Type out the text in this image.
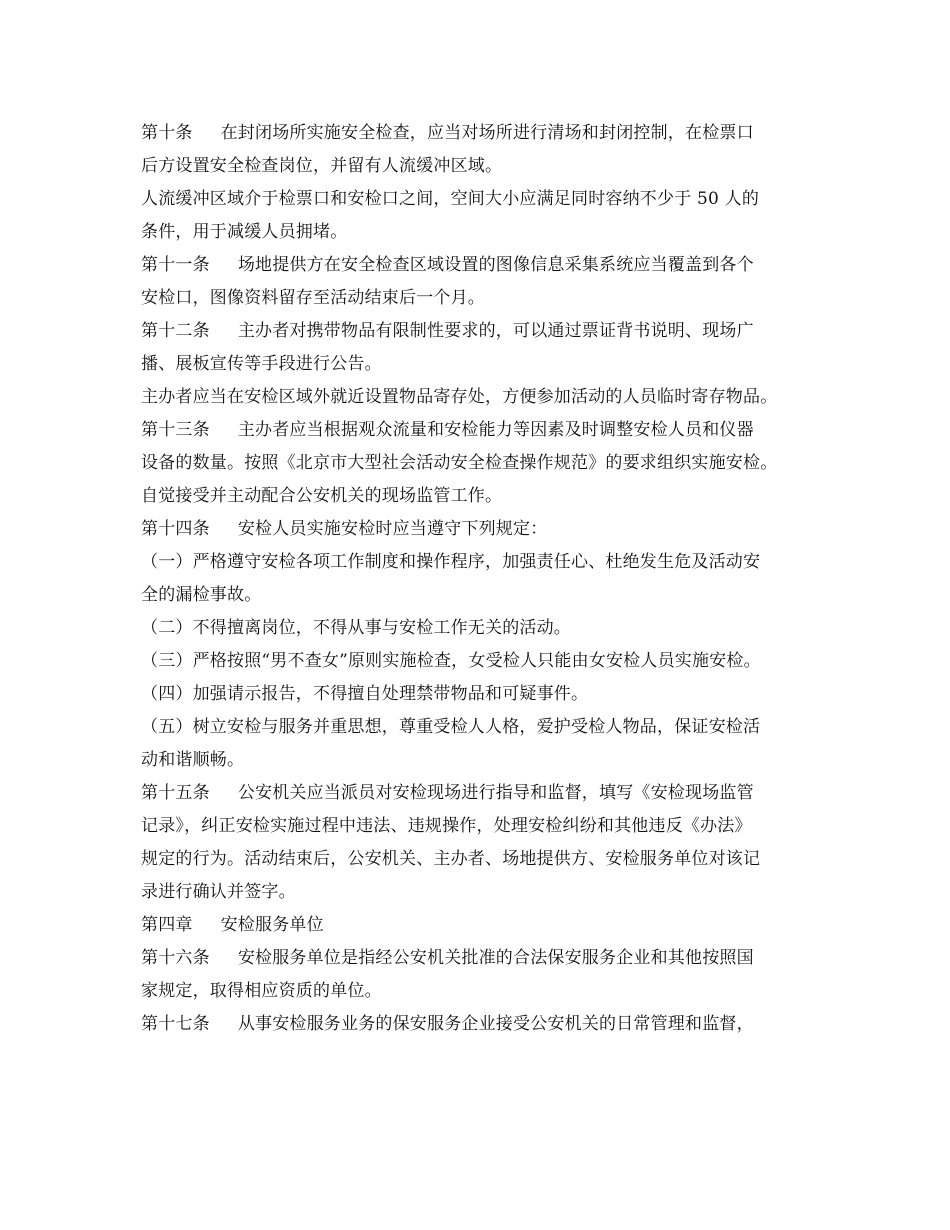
第十条 在封闭场所实施安全检查，应当对场所进行清场和封闭控制，在检票口
后方设置安全检查岗位，并留有人流缓冲区域。
人流缓冲区域介于检票口和安检口之间，空间大小应满足同时容纳不少于 50 人的
条件，用于减缓人员拥堵。
第十一条 场地提供方在安全检查区域设置的图像信息采集系统应当覆盖到各个
安检口，图像资料留存至活动结束后一个月。
第十二条 主办者对携带物品有限制性要求的，可以通过票证背书说明、现场广
播、展板宣传等手段进行公告。
主办者应当在安检区域外就近设置物品寄存处，方便参加活动的人员临时寄存物品。
第十三条 主办者应当根据观众流量和安检能力等因素及时调整安检人员和仪器
设备的数量。按照《北京市大型社会活动安全检查操作规范》的要求组织实施安检。
自觉接受并主动配合公安机关的现场监管工作。
第十四条 安检人员实施安检时应当遵守下列规定：
（一）严格遵守安检各项工作制度和操作程序，加强责任心、杜绝发生危及活动安
全的漏检事故。
（二）不得擅离岗位，不得从事与安检工作无关的活动。
（三）严格按照“男不查女”原则实施检查，女受检人只能由女安检人员实施安检。
（四）加强请示报告，不得擅自处理禁带物品和可疑事件。
（五）树立安检与服务并重思想，尊重受检人人格，爱护受检人物品，保证安检活
动和谐顺畅。
第十五条 公安机关应当派员对安检现场进行指导和监督，填写《安检现场监管
记录》，纠正安检实施过程中违法、违规操作，处理安检纠纷和其他违反《办法》
规定的行为。活动结束后，公安机关、主办者、场地提供方、安检服务单位对该记
录进行确认并签字。
第四章 安检服务单位
第十六条 安检服务单位是指经公安机关批准的合法保安服务企业和其他按照国
家规定，取得相应资质的单位。
第十七条 从事安检服务业务的保安服务企业接受公安机关的日常管理和监督，
